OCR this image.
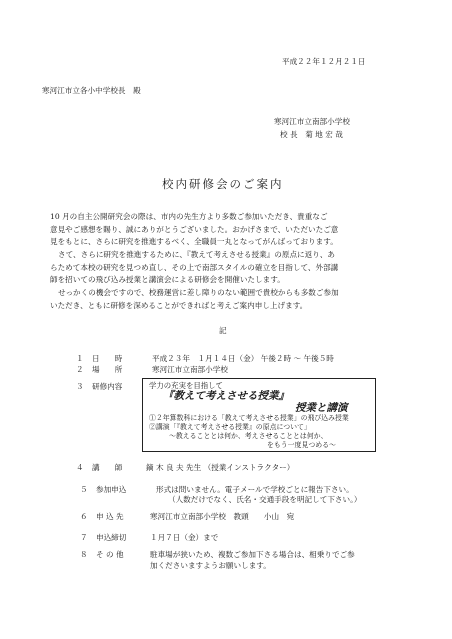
平成２２年１２月２１日
寒河江市立各小中学校長　殿
寒河江市立南部小学校
校 長　菊 地 宏 哉
校内研修会のご案内
10 月の自主公開研究会の際は、市内の先生方より多数ご参加いただき、貴重なご
意見やご感想を賜り、誠にありがとうございました。おかげさまで、いただいたご意
見をもとに、さらに研究を推進するべく、全職員一丸となってがんばっております。
さて、さらに研究を推進するために、『教えて考えさせる授業』の原点に返り、あ
らためて本校の研究を見つめ直し、その上で南部スタイルの確立を目指して、外部講
師を招いての飛び込み授業と講演会による研修会を開催いたします。
せっかくの機会ですので、校務運営に差し障りのない範囲で貴校からも多数ご参加
いただき、ともに研修を深めることができればと考えご案内申し上げます。
記
１ 日　　時	平成２３年　１月１４日（金） 午後２時 ～ 午後５時
２ 場　　所	寒河江市立南部小学校
３ 研修内容	学力の充実を目指して
『教えて考えさせる授業』
授業と講演
①２年算数科における「教えて考えさせる授業」の飛び込み授業
②講演「『教えて考えさせる授業』の原点について」
～教えることとは何か、考えさせることとは何か、
をもう一度見つめる～
４ 講　　師	鏑 木 良 夫 先生 （授業インストラクター）
５ 参加申込	形式は問いません。電子メールで学校ごとに報告下さい。
（人数だけでなく、氏名・交通手段を明記して下さい。）
６ 申 込 先	寒河江市立南部小学校　教頭　　小山　宛
７ 申込締切	１月７日（金）まで
８ そ の 他	駐車場が狭いため、複数ご参加下さる場合は、相乗りでご参
加くださいますようお願いします。
